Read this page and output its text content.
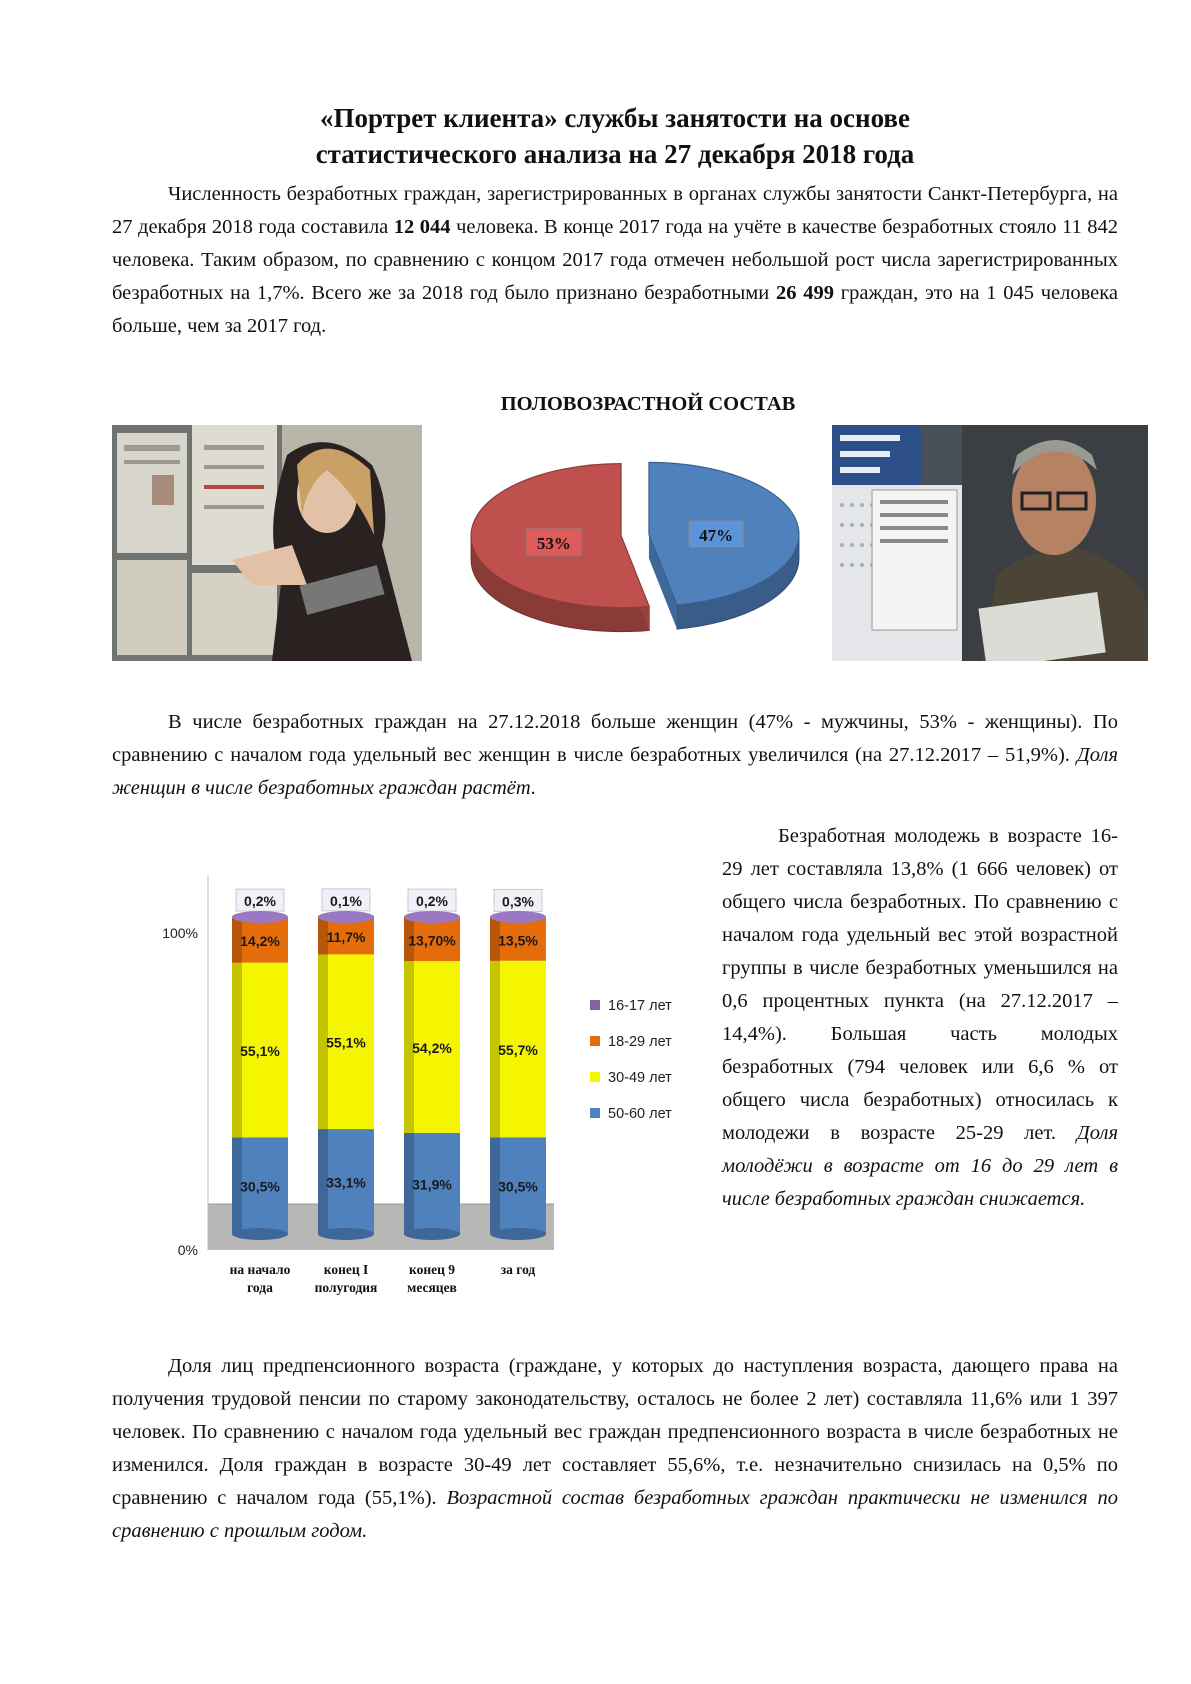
«Портрет клиента» службы занятости на основе
статистического анализа на 27 декабря 2018 года

Численность безработных граждан, зарегистрированных в органах службы занятости Санкт-Петербурга, на 27 декабря 2018 года составила 12 044 человека. В конце 2017 года на учёте в качестве безработных стояло 11 842 человека. Таким образом, по сравнению с концом 2017 года отмечен небольшой рост числа зарегистрированных безработных на 1,7%. Всего же за 2018 год было признано безработными 26 499 граждан, это на 1 045 человека больше, чем за 2017 год.

ПОЛОВОЗРАСТНОЙ СОСТАВ
53%	47%

В числе безработных граждан на 27.12.2018 больше женщин (47% - мужчины, 53% - женщины). По сравнению с началом года удельный вес женщин в числе безработных увеличился (на 27.12.2017 – 51,9%). Доля женщин в числе безработных граждан растёт.

0%
100%
30,5%
55,1%
14,2%
0,2%
на начало
года
33,1%
55,1%
11,7%
0,1%
конец I
полугодия
31,9%
54,2%
13,70%
0,2%
конец 9
месяцев
30,5%
55,7%
13,5%
0,3%
за год
16-17 лет
18-29 лет
30-49 лет
50-60 лет

Безработная молодежь в возрасте 16-29 лет составляла 13,8% (1 666 человек) от общего числа безработных. По сравнению с началом года удельный вес этой возрастной группы в числе безработных уменьшился на 0,6 процентных пункта (на 27.12.2017 – 14,4%). Большая часть молодых безработных (794 человек или 6,6 % от общего числа безработных) относилась к молодежи в возрасте 25-29 лет. Доля молодёжи в возрасте от 16 до 29 лет в числе безработных граждан снижается.

Доля лиц предпенсионного возраста (граждане, у которых до наступления возраста, дающего права на получения трудовой пенсии по старому законодательству, осталось не более 2 лет) составляла 11,6% или 1 397 человек. По сравнению с началом года удельный вес граждан предпенсионного возраста в числе безработных не изменился. Доля граждан в возрасте 30-49 лет составляет 55,6%, т.е. незначительно снизилась на 0,5% по сравнению с началом года (55,1%). Возрастной состав безработных граждан практически не изменился по сравнению с прошлым годом.
